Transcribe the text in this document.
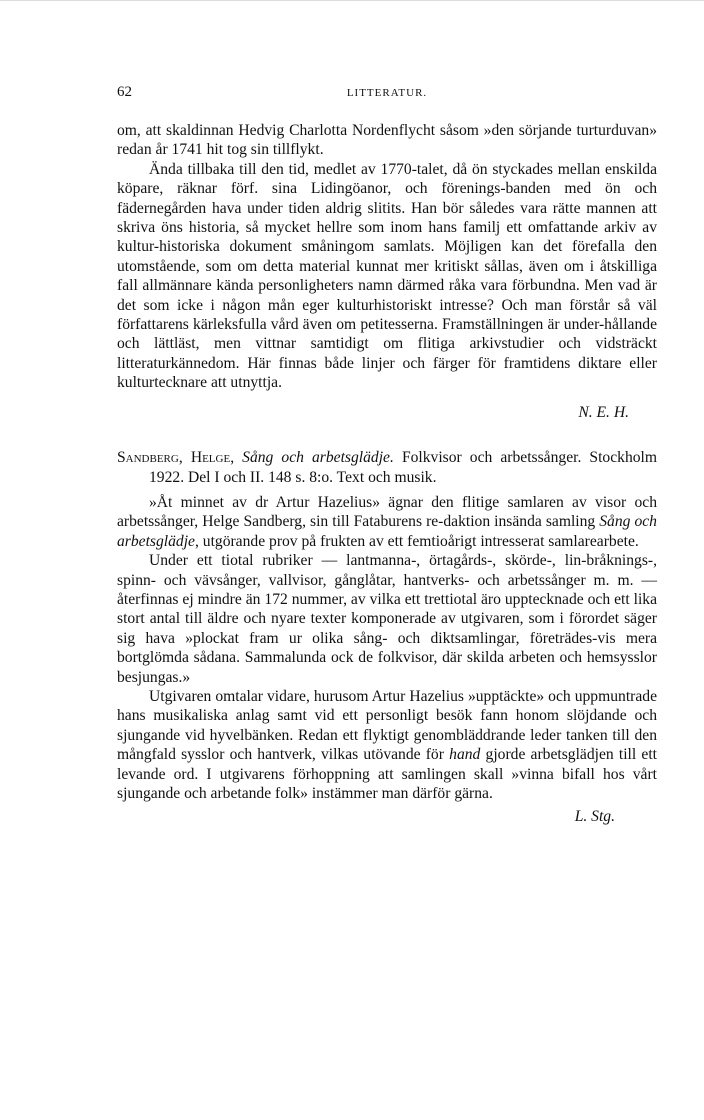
62	LITTERATUR.

om, att skaldinnan Hedvig Charlotta Nordenflycht såsom »den sörjande turturduvan» redan år 1741 hit tog sin tillflykt.

Ända tillbaka till den tid, medlet av 1770-talet, då ön styckades mellan enskilda köpare, räknar förf. sina Lidingöanor, och förenings-banden med ön och fädernegården hava under tiden aldrig slitits. Han bör således vara rätte mannen att skriva öns historia, så mycket hellre som inom hans familj ett omfattande arkiv av kultur-historiska dokument småningom samlats. Möjligen kan det förefalla den utomstående, som om detta material kunnat mer kritiskt sållas, även om i åtskilliga fall allmännare kända personligheters namn därmed råka vara förbundna. Men vad är det som icke i någon mån eger kulturhistoriskt intresse? Och man förstår så väl författarens kärleksfulla vård även om petitesserna. Framställningen är under-hållande och lättläst, men vittnar samtidigt om flitiga arkivstudier och vidsträckt litteraturkännedom. Här finnas både linjer och färger för framtidens diktare eller kulturtecknare att utnyttja.

N. E. H.

Sandberg, Helge, Sång och arbetsglädje. Folkvisor och arbetssånger. Stockholm 1922. Del I och II. 148 s. 8:o. Text och musik.

»Åt minnet av dr Artur Hazelius» ägnar den flitige samlaren av visor och arbetssånger, Helge Sandberg, sin till Fataburens re-daktion insända samling Sång och arbetsglädje, utgörande prov på frukten av ett femtioårigt intresserat samlarearbete.

Under ett tiotal rubriker — lantmanna-, örtagårds-, skörde-, lin-bråknings-, spinn- och vävsånger, vallvisor, gånglåtar, hantverks- och arbetssånger m. m. — återfinnas ej mindre än 172 nummer, av vilka ett trettiotal äro upptecknade och ett lika stort antal till äldre och nyare texter komponerade av utgivaren, som i förordet säger sig hava »plockat fram ur olika sång- och diktsamlingar, företrädes-vis mera bortglömda sådana. Sammalunda ock de folkvisor, där skilda arbeten och hemsysslor besjungas.»

Utgivaren omtalar vidare, hurusom Artur Hazelius »upptäckte» och uppmuntrade hans musikaliska anlag samt vid ett personligt besök fann honom slöjdande och sjungande vid hyvelbänken. Redan ett flyktigt genombläddrande leder tanken till den mångfald sysslor och hantverk, vilkas utövande för hand gjorde arbetsglädjen till ett levande ord. I utgivarens förhoppning att samlingen skall »vinna bifall hos vårt sjungande och arbetande folk» instämmer man därför gärna.

L. Stg.
